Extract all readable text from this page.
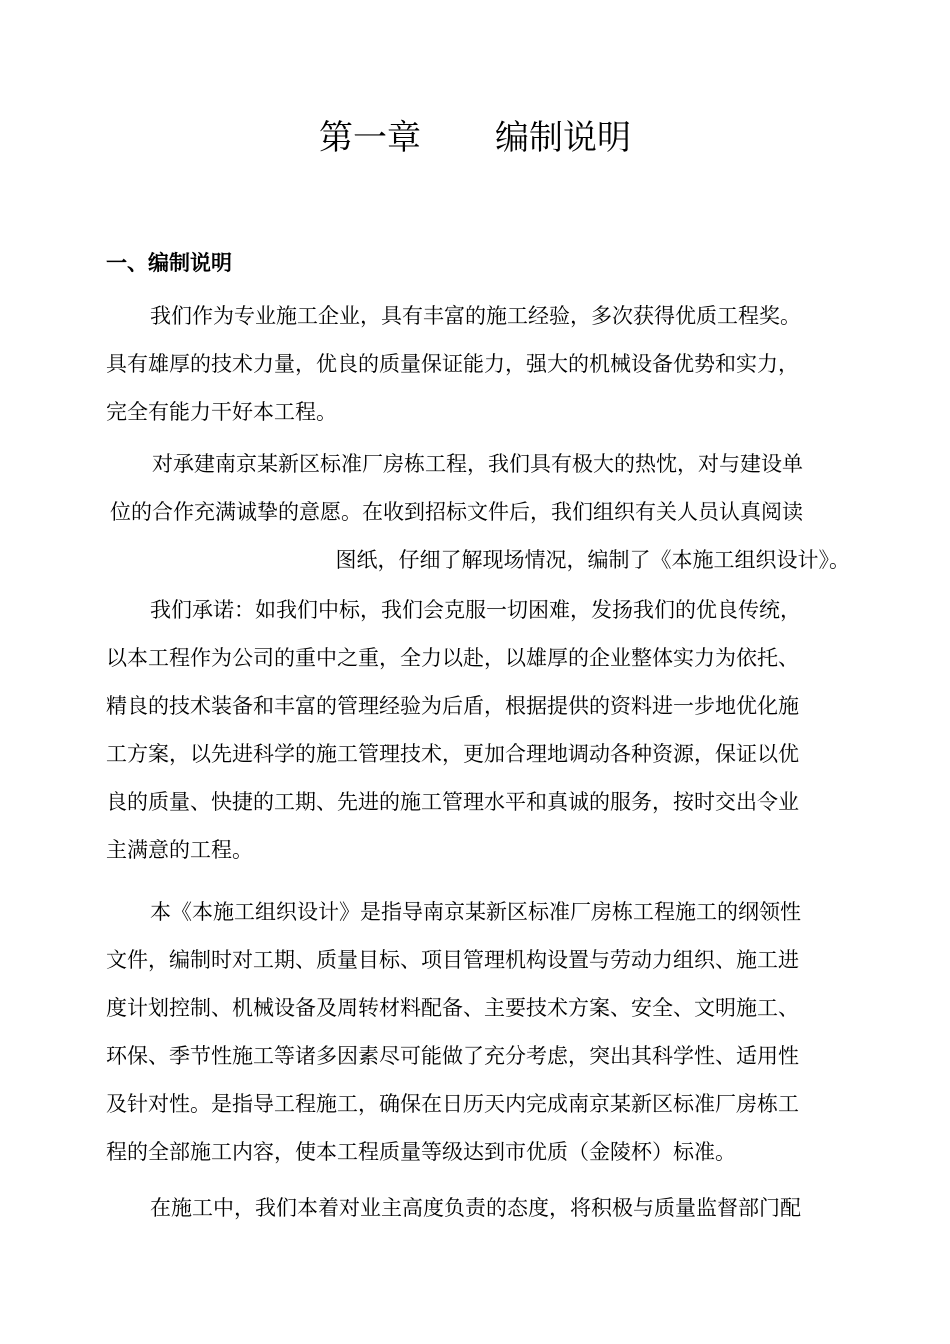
第一章 编制说明
一、编制说明
我们作为专业施工企业，具有丰富的施工经验，多次获得优质工程奖。
具有雄厚的技术力量，优良的质量保证能力，强大的机械设备优势和实力，
完全有能力干好本工程。
对承建南京某新区标准厂房栋工程，我们具有极大的热忱，对与建设单
位的合作充满诚挚的意愿。在收到招标文件后，我们组织有关人员认真阅读
图纸，仔细了解现场情况，编制了《本施工组织设计》。
我们承诺：如我们中标，我们会克服一切困难，发扬我们的优良传统，
以本工程作为公司的重中之重，全力以赴，以雄厚的企业整体实力为依托、
精良的技术装备和丰富的管理经验为后盾，根据提供的资料进一步地优化施
工方案，以先进科学的施工管理技术，更加合理地调动各种资源，保证以优
良的质量、快捷的工期、先进的施工管理水平和真诚的服务，按时交出令业
主满意的工程。
本《本施工组织设计》是指导南京某新区标准厂房栋工程施工的纲领性
文件，编制时对工期、质量目标、项目管理机构设置与劳动力组织、施工进
度计划控制、机械设备及周转材料配备、主要技术方案、安全、文明施工、
环保、季节性施工等诸多因素尽可能做了充分考虑，突出其科学性、适用性
及针对性。是指导工程施工，确保在日历天内完成南京某新区标准厂房栋工
程的全部施工内容，使本工程质量等级达到市优质（金陵杯）标准。
在施工中，我们本着对业主高度负责的态度，将积极与质量监督部门配
